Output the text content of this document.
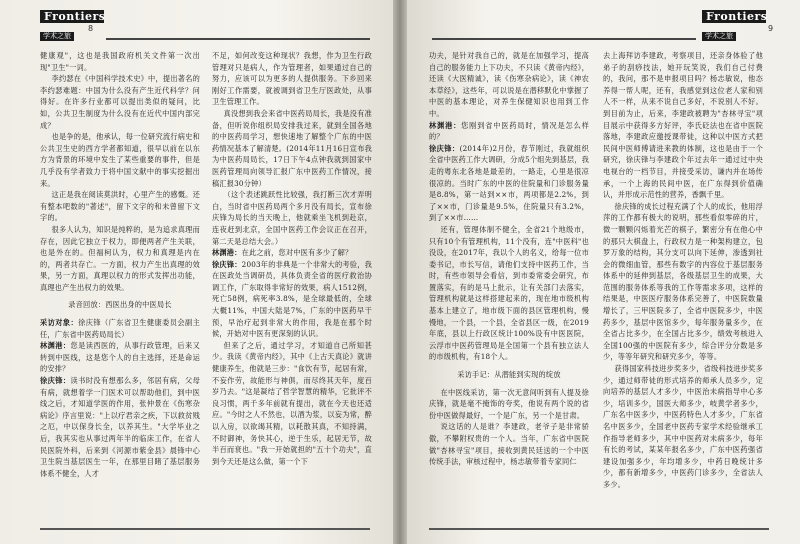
Frontiers
学术之旅
8

健康观"，这也是我国政府机关文件第一次出现"卫生"一词。

李约瑟在《中国科学技术史》中，提出著名的李约瑟难题：中国为什么没有产生近代科学？问得好。在许多行业都可以提出类似的疑问，比如，公共卫生制度为什么没有在近代中国内部完成？

也是争的是，他承认，每一位研究流行病史和公共卫生史的西方学者都知道，很早以前在以东方为背景的环境中发生了某些重要的事件，但是几乎没有学者致力于将中国文献中的事实挖掘出来。

这正是我在阅读莫洪时，心里产生的感慨。还有整本吧数的"著述"，留下文字的和未曾留下文字的。

很多人认为，知识是纯粹的，是为追求真理而存在，因此它独立于权力，即便两者产生关联，也是外在的。但福柯认为，权力和真理是内在的，两者共存亡。一方面，权力产生出真理的效果，另一方面，真理以权力的形式发挥出功能，真理也产生出权力的效果。

录音回放：西医出身的中医局长

采访对象：徐庆锋（广东省卫生健康委员会副主任，广东省中医药局局长）

林渊港：您是读西医的，从事行政管理，后来又转到中医线，这是您个人的自主选择，还是命运的安排？

徐庆锋：读书时没有想那么多，邻居有病，父母有病，就想着学一门医术可以帮助他们，到中医线之后，才知道学医的作用，张仲景在《伤寒杂病论》序言里说："上以疗君亲之疾，下以救贫贱之厄，中以保身长全，以养其生。"大学毕业之后，我其实也从事过两年半的临床工作，在省人民医院外科，后来到《河源市紫金县》晨锋中心卫生院当基层医生一年，在那里目睹了基层服务体系不健全，人才

不足，如何改变这种现状？我想，作为卫生行政管理对只是病人，作为管理者，如果通过自己的努力，应该可以为更多的人提供服务。下乡回来刚好工作需要，就被调到省卫生厅医政处，从事卫生管理工作。

真没想到我会来省中医药局局长，我是没有准备，但听说你组织局安排我过来，就到全国各地的中医药局学习，想快速地了解整个广东的中医药情况基本了解清楚。(2014年11月16日宣布我为中医药局局长，17日下午4点钟我就到国家中医药管理局向领导汇报广东中医药工作情况，接稿汇报30分钟）

（这个表述跳跃性比较强，我打断三次才弄明白，当时省中医药局两个多月没有局长，宣布徐庆锋为局长的当天晚上，他就乘坐飞机到赴京，连夜赶到北京，全国中医药工作会议正在召开，第二天是总结大会。）

林渊港：在此之前，您对中医有多少了解？

徐庆锋：2003年的非典是一个非常大的考验，我在医政处当调研员，具体负责全省的医疗救治协调工作，广东取得非常好的效果，病人1512例，死亡58例，病死率3.8%，是全球最低的，全球大概11%，中国大陆是7%，广东的中医药早干预，早治疗起到非常大的作用，我是在那个时候，开始对中医有更深刻的认识。

但来了之后，通过学习，才知道自己所知甚少。我读《黄帝内经》，其中《上古天真论》就讲健康养生，他就是三步："食饮有节，起居有常，不妄作劳，故能形与神俱，而尽终其天年，度百岁乃去。"这是凝结了哲学智慧的精华，它批评不良习惯，两千多年前就有提出，就在今天也还适应。"今时之人不然也，以酒为浆，以妄为常，醉以入房，以欲竭其精，以耗散其真，不知持满，不时御神，务快其心，逆于生乐，起居无节，故半百而衰也。"我一开始就担的"五十个功夫"，直到今天还是这么做，第一个下

Frontiers
学术之旅
9

功夫，是针对我自己的，就是在加强学习，提高自己的服务能力上下功夫，不只读《黄帝内经》，还读《大医精诚》，读《伤寒杂病论》，读《神农本草经》，这些年，可以说是在潜移默化中掌握了中医的基本理论，对养生保健知识也用到工作中。

林渊港：您刚到省中医药局时，情况是怎么样的？

徐庆锋：(2014年)2月份，春节刚过，我就组织全省中医药工作大调研，分成5个组先到基层，我走的粤东北各地是最差的，一路走，心里是很凉很凉的。当时广东的中医的住院量和门诊服务量是8.8%，第一站到××市，两项都是2.2%，到了××市，门诊量是9.5%，住院量只有3.2%，到了××市……

还有，管理体制不健全，全省21个地级市，只有10个有管理机构，11个没有，连"中医科"也没设，在2017年，我以个人的名义，给每一位市委书记，市长写信，请他们支持中医药工作，当时，有些市领导会看信，到市委常委会研究，布置落实，有的是马上批示，让有关部门去落实，管理机构就是这样搭建起来的，现在地市级机构基本上建立了，地市级下面的县区管理机构，慢慢地，一个县，一个县，全省县区一级，在2019年底，县以上行政区统计100%设有中医医院，云浮市中医药管理局是全国第一个县有独立法人的市级机构，有18个人。

采访手记：从潜能到实现的绽放

在中医线采访，第一次无意间听到有人提及徐庆锋，就是毫不掩饰的夸奖，他说有两个说的省份中医做得最好，一个是广东，另一个是甘肃。

说这话的人是谁？李建政，老爷子是非常骄傲，不攀附权贵的一个人。当年，广东省中医院做"杏林寻宝"项目，接收到黄民廷送的一个中医传统手法，审核过程中，杨志敏带着专家同仁

去上海拜访李建政，考察项目，还亲身体验了他弟子的刮痧技法，她开玩笑说，我们自己付费的，我问，那不是申报项目吗？杨志敏说，他态养得一帮人呢，还有，我感觉到这位老人家和别人不一样，从来不说自己多好，不说别人不好。到目前为止，后来，李建政被聘为"杏林寻宝"项目展示中获得多方好评，李氏砭法也在省中医院落地，李建政应邀授课带徒，这种以中医方式把民间中医师傅请进来教的体制，这也是由于一个研究，徐庆锋与李建政个年过去年一通过过中央电视台的一档节目，并接受采访，谦内并在场传承，一个上海的民间中医，在广东得到价值确认，并形成示范性的营养，香飘千里。

徐庆锋的成长过程充满了个人的成长，他用浮萍的工作都有极大的说明，那些看似零碎的片，微一颗颗闪烁着光芒的棋子，繁密分有在他心中的那只大棋盘上，行政权力是一种架构建立，包罗万象的结构，其分支可以向下延伸，渗透到社会的微细血管，那些有数字的内容位于基层服务体系中的延伸到基层，各级基层卫生的成果，大范围的服务体系等我的工作等需求多项，这样的结果是，中医医疗服务体系完善了，中医院数量增长了，三甲医院多了，全省中医院多少，中医药多少，基层中医馆多少，每年服务量多少，在全省占比多少，在全国占比多少，绩效考核进入全国100强的中医院有多少，综合评分分数是多少，等等年研究和研究多少，等等。

获得国家科技进步奖多少，省级科技进步奖多少，通过师带徒的形式培养的师承人员多少，定向培养的基层人才多少，中医治未病指导中心多少，培训多少，国医大师多少，岐黄学者多少，广东名中医多少，中医药特色人才多少，广东省名中医多少，全国老中医药专家学术经验继承工作指导老师多少，其中中医药对未病多少，每年有长的考试，某某年报名多少，广东中医药强省建设加强多少，年均增多少，中药日晚统计多少，都有新增多少，中医药门诊多少，全省法人多少。
